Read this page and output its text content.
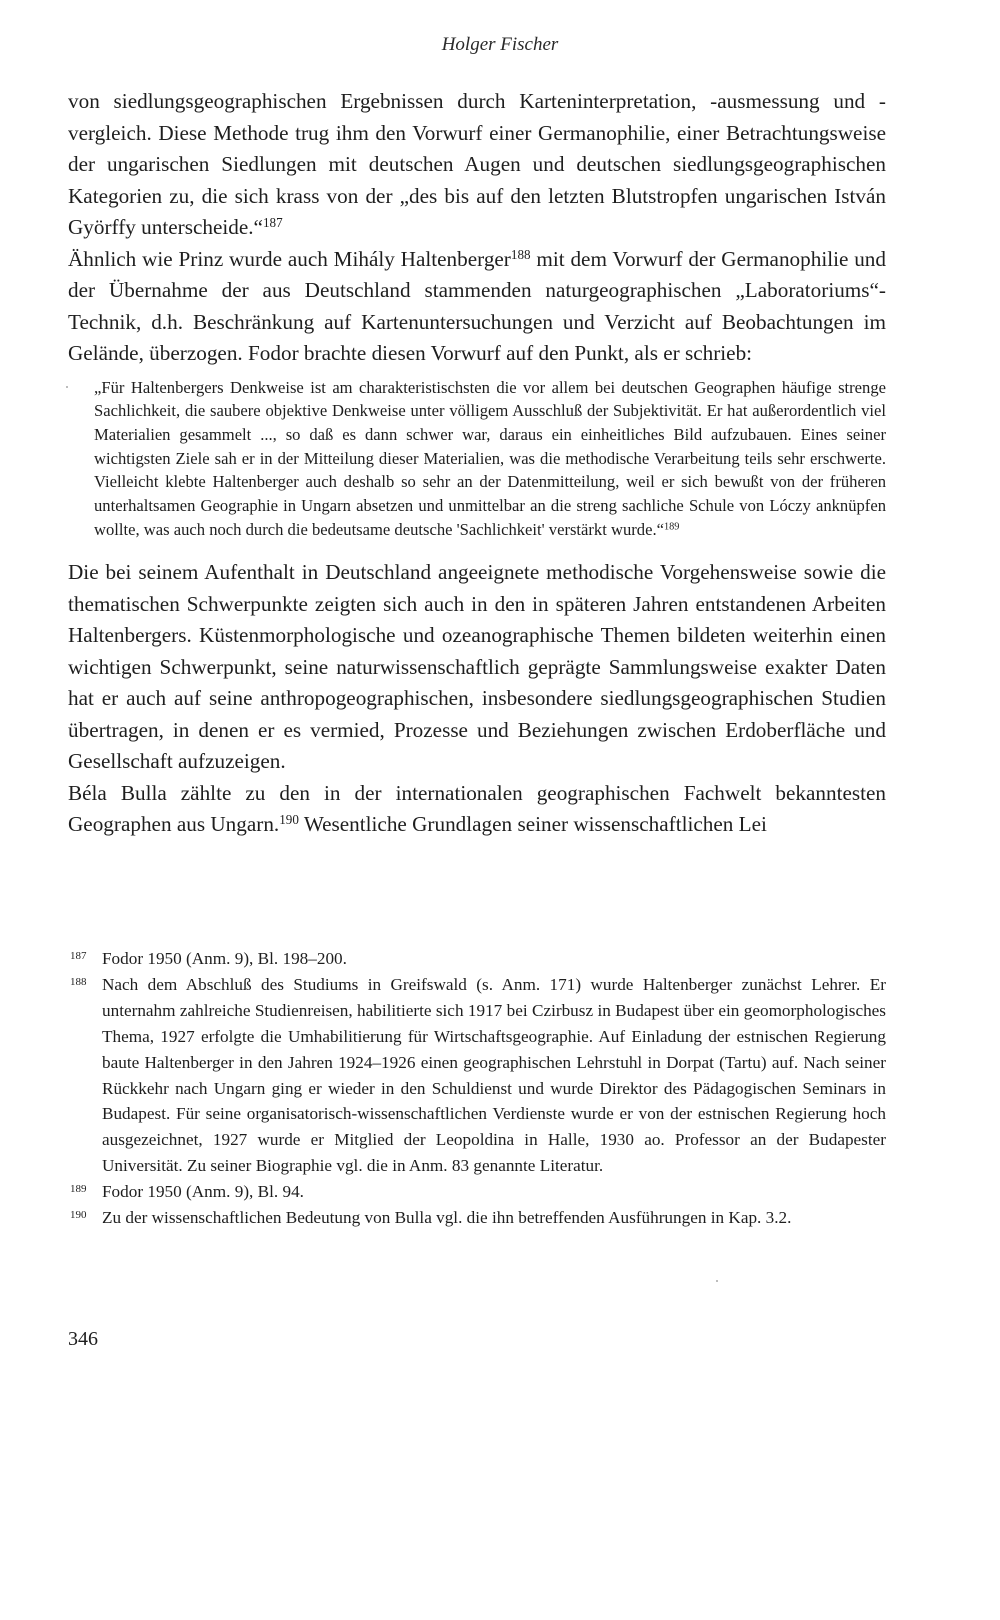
Holger Fischer

von siedlungsgeographischen Ergebnissen durch Karteninterpretation, -ausmessung und -vergleich. Diese Methode trug ihm den Vorwurf einer Germanophilie, einer Betrachtungsweise der ungarischen Siedlungen mit deutschen Augen und deutschen siedlungsgeographischen Kategorien zu, die sich krass von der „des bis auf den letzten Blutstropfen ungarischen István Györffy unterscheide.“$^{187}$

Ähnlich wie Prinz wurde auch Mihály Haltenberger$^{188}$ mit dem Vorwurf der Germanophilie und der Übernahme der aus Deutschland stammenden naturgeographischen „Laboratoriums“-Technik, d.h. Beschränkung auf Kartenuntersuchungen und Verzicht auf Beobachtungen im Gelände, überzogen. Fodor brachte diesen Vorwurf auf den Punkt, als er schrieb:

„Für Haltenbergers Denkweise ist am charakteristischsten die vor allem bei deutschen Geographen häufige strenge Sachlichkeit, die saubere objektive Denkweise unter völligem Ausschluß der Subjektivität. Er hat außerordentlich viel Materialien gesammelt ..., so daß es dann schwer war, daraus ein einheitliches Bild aufzubauen. Eines seiner wichtigsten Ziele sah er in der Mitteilung dieser Materialien, was die methodische Verarbeitung teils sehr erschwerte. Vielleicht klebte Haltenberger auch deshalb so sehr an der Datenmitteilung, weil er sich bewußt von der früheren unterhaltsamen Geographie in Ungarn absetzen und unmittelbar an die streng sachliche Schule von Lóczy anknüpfen wollte, was auch noch durch die bedeutsame deutsche 'Sachlichkeit' verstärkt wurde.“$^{189}$

Die bei seinem Aufenthalt in Deutschland angeeignete methodische Vorgehensweise sowie die thematischen Schwerpunkte zeigten sich auch in den in späteren Jahren entstandenen Arbeiten Haltenbergers. Küstenmorphologische und ozeanographische Themen bildeten weiterhin einen wichtigen Schwerpunkt, seine naturwissenschaftlich geprägte Sammlungsweise exakter Daten hat er auch auf seine anthropogeographischen, insbesondere siedlungsgeographischen Studien übertragen, in denen er es vermied, Prozesse und Beziehungen zwischen Erdoberfläche und Gesellschaft aufzuzeigen.

Béla Bulla zählte zu den in der internationalen geographischen Fachwelt bekanntesten Geographen aus Ungarn.$^{190}$ Wesentliche Grundlagen seiner wissenschaftlichen Lei

187 Fodor 1950 (Anm. 9), Bl. 198–200.

188 Nach dem Abschluß des Studiums in Greifswald (s. Anm. 171) wurde Haltenberger zunächst Lehrer. Er unternahm zahlreiche Studienreisen, habilitierte sich 1917 bei Czirbusz in Budapest über ein geomorphologisches Thema, 1927 erfolgte die Umhabilitierung für Wirtschaftsgeographie. Auf Einladung der estnischen Regierung baute Haltenberger in den Jahren 1924–1926 einen geographischen Lehrstuhl in Dorpat (Tartu) auf. Nach seiner Rückkehr nach Ungarn ging er wieder in den Schuldienst und wurde Direktor des Pädagogischen Seminars in Budapest. Für seine organisatorisch-wissenschaftlichen Verdienste wurde er von der estnischen Regierung hoch ausgezeichnet, 1927 wurde er Mitglied der Leopoldina in Halle, 1930 ao. Professor an der Budapester Universität. Zu seiner Biographie vgl. die in Anm. 83 genannte Literatur.

189 Fodor 1950 (Anm. 9), Bl. 94.

190 Zu der wissenschaftlichen Bedeutung von Bulla vgl. die ihn betreffenden Ausführungen in Kap. 3.2.

346
